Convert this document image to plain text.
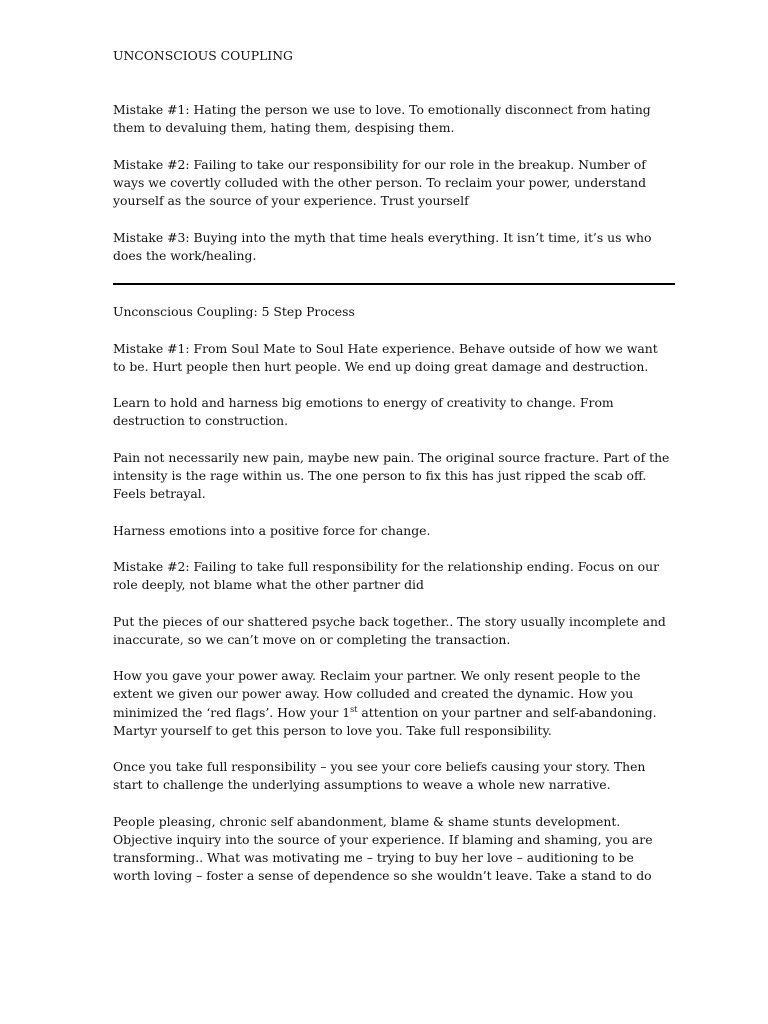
UNCONSCIOUS COUPLING

Mistake #1: Hating the person we use to love. To emotionally disconnect from hating them to devaluing them, hating them, despising them.

Mistake #2: Failing to take our responsibility for our role in the breakup. Number of ways we covertly colluded with the other person. To reclaim your power, understand yourself as the source of your experience. Trust yourself

Mistake #3: Buying into the myth that time heals everything. It isn’t time, it’s us who does the work/healing.

Unconscious Coupling: 5 Step Process

Mistake #1: From Soul Mate to Soul Hate experience. Behave outside of how we want to be. Hurt people then hurt people. We end up doing great damage and destruction.

Learn to hold and harness big emotions to energy of creativity to change. From destruction to construction.

Pain not necessarily new pain, maybe new pain. The original source fracture. Part of the intensity is the rage within us. The one person to fix this has just ripped the scab off. Feels betrayal.

Harness emotions into a positive force for change.

Mistake #2: Failing to take full responsibility for the relationship ending. Focus on our role deeply, not blame what the other partner did

Put the pieces of our shattered psyche back together.. The story usually incomplete and inaccurate, so we can’t move on or completing the transaction.

How you gave your power away. Reclaim your partner. We only resent people to the extent we given our power away. How colluded and created the dynamic. How you minimized the ‘red flags’. How your 1st attention on your partner and self-abandoning. Martyr yourself to get this person to love you. Take full responsibility.

Once you take full responsibility – you see your core beliefs causing your story. Then start to challenge the underlying assumptions to weave a whole new narrative.

People pleasing, chronic self abandonment, blame & shame stunts development. Objective inquiry into the source of your experience. If blaming and shaming, you are transforming.. What was motivating me – trying to buy her love – auditioning to be worth loving – foster a sense of dependence so she wouldn’t leave. Take a stand to do
